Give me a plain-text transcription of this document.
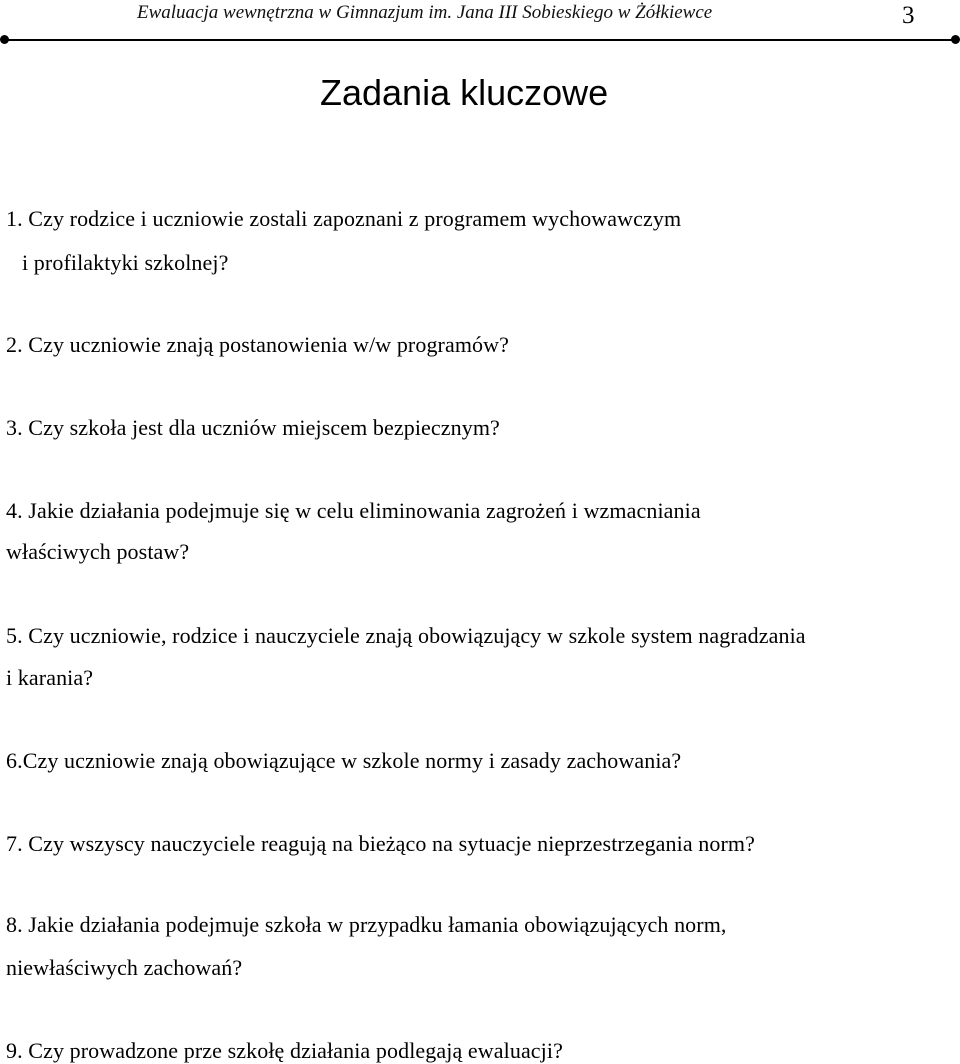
Ewaluacja wewnętrzna w Gimnazjum im. Jana III Sobieskiego w Żółkiewce	3
Zadania kluczowe
1. Czy rodzice i uczniowie zostali zapoznani z programem wychowawczym
i profilaktyki szkolnej?
2. Czy uczniowie znają postanowienia w/w programów?
3. Czy szkoła jest dla uczniów miejscem bezpiecznym?
4. Jakie działania podejmuje się w celu eliminowania zagrożeń i wzmacniania
właściwych postaw?
5. Czy uczniowie, rodzice i nauczyciele znają obowiązujący w szkole system nagradzania
i karania?
6.Czy uczniowie znają obowiązujące w szkole normy i zasady zachowania?
7. Czy wszyscy nauczyciele reagują na bieżąco na sytuacje nieprzestrzegania norm?
8. Jakie działania podejmuje szkoła w przypadku łamania obowiązujących norm,
niewłaściwych zachowań?
9. Czy prowadzone prze szkołę działania podlegają ewaluacji?
